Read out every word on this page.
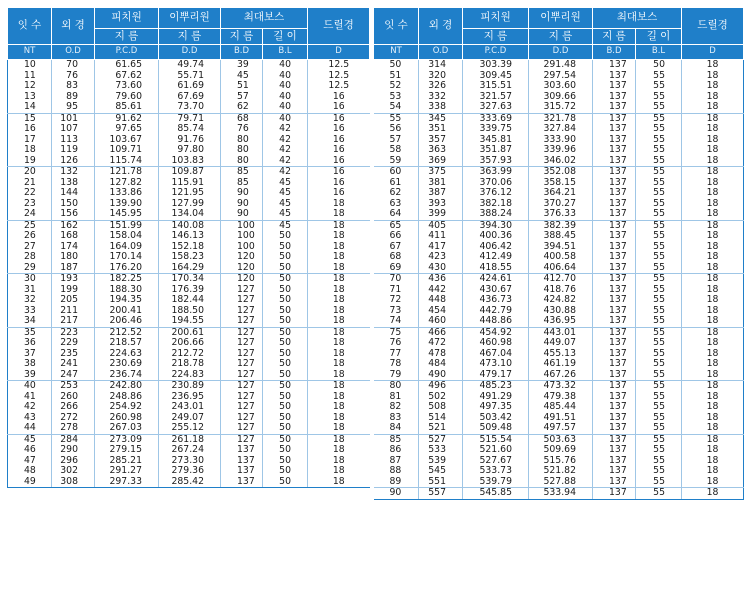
잇 수	외 경	피치원	이뿌리원	최대보스		드릴경
		지 름	지 름	지 름	길 이	
NT	O.D	P.C.D	D.D	B.D	B.L	D
10	70	61.65	49.74	39	40	12.5
11	76	67.62	55.71	45	40	12.5
12	83	73.60	61.69	51	40	12.5
13	89	79.60	67.69	57	40	16
14	95	85.61	73.70	62	40	16
15	101	91.62	79.71	68	40	16
16	107	97.65	85.74	76	42	16
17	113	103.67	91.76	80	42	16
18	119	109.71	97.80	80	42	16
19	126	115.74	103.83	80	42	16
20	132	121.78	109.87	85	42	16
21	138	127.82	115.91	85	45	16
22	144	133.86	121.95	90	45	16
23	150	139.90	127.99	90	45	18
24	156	145.95	134.04	90	45	18
25	162	151.99	140.08	100	45	18
26	168	158.04	146.13	100	50	18
27	174	164.09	152.18	100	50	18
28	180	170.14	158.23	120	50	18
29	187	176.20	164.29	120	50	18
30	193	182.25	170.34	120	50	18
31	199	188.30	176.39	127	50	18
32	205	194.35	182.44	127	50	18
33	211	200.41	188.50	127	50	18
34	217	206.46	194.55	127	50	18
35	223	212.52	200.61	127	50	18
36	229	218.57	206.66	127	50	18
37	235	224.63	212.72	127	50	18
38	241	230.69	218.78	127	50	18
39	247	236.74	224.83	127	50	18
40	253	242.80	230.89	127	50	18
41	260	248.86	236.95	127	50	18
42	266	254.92	243.01	127	50	18
43	272	260.98	249.07	127	50	18
44	278	267.03	255.12	127	50	18
45	284	273.09	261.18	127	50	18
46	290	279.15	267.24	137	50	18
47	296	285.21	273.30	137	50	18
48	302	291.27	279.36	137	50	18
49	308	297.33	285.42	137	50	18
잇 수	외 경	피치원	이뿌리원	최대보스		드릴경
		지 름	지 름	지 름	길 이	
NT	O.D	P.C.D	D.D	B.D	B.L	D
50	314	303.39	291.48	137	50	18
51	320	309.45	297.54	137	55	18
52	326	315.51	303.60	137	55	18
53	332	321.57	309.66	137	55	18
54	338	327.63	315.72	137	55	18
55	345	333.69	321.78	137	55	18
56	351	339.75	327.84	137	55	18
57	357	345.81	333.90	137	55	18
58	363	351.87	339.96	137	55	18
59	369	357.93	346.02	137	55	18
60	375	363.99	352.08	137	55	18
61	381	370.06	358.15	137	55	18
62	387	376.12	364.21	137	55	18
63	393	382.18	370.27	137	55	18
64	399	388.24	376.33	137	55	18
65	405	394.30	382.39	137	55	18
66	411	400.36	388.45	137	55	18
67	417	406.42	394.51	137	55	18
68	423	412.49	400.58	137	55	18
69	430	418.55	406.64	137	55	18
70	436	424.61	412.70	137	55	18
71	442	430.67	418.76	137	55	18
72	448	436.73	424.82	137	55	18
73	454	442.79	430.88	137	55	18
74	460	448.86	436.95	137	55	18
75	466	454.92	443.01	137	55	18
76	472	460.98	449.07	137	55	18
77	478	467.04	455.13	137	55	18
78	484	473.10	461.19	137	55	18
79	490	479.17	467.26	137	55	18
80	496	485.23	473.32	137	55	18
81	502	491.29	479.38	137	55	18
82	508	497.35	485.44	137	55	18
83	514	503.42	491.51	137	55	18
84	521	509.48	497.57	137	55	18
85	527	515.54	503.63	137	55	18
86	533	521.60	509.69	137	55	18
87	539	527.67	515.76	137	55	18
88	545	533.73	521.82	137	55	18
89	551	539.79	527.88	137	55	18
90	557	545.85	533.94	137	55	18
